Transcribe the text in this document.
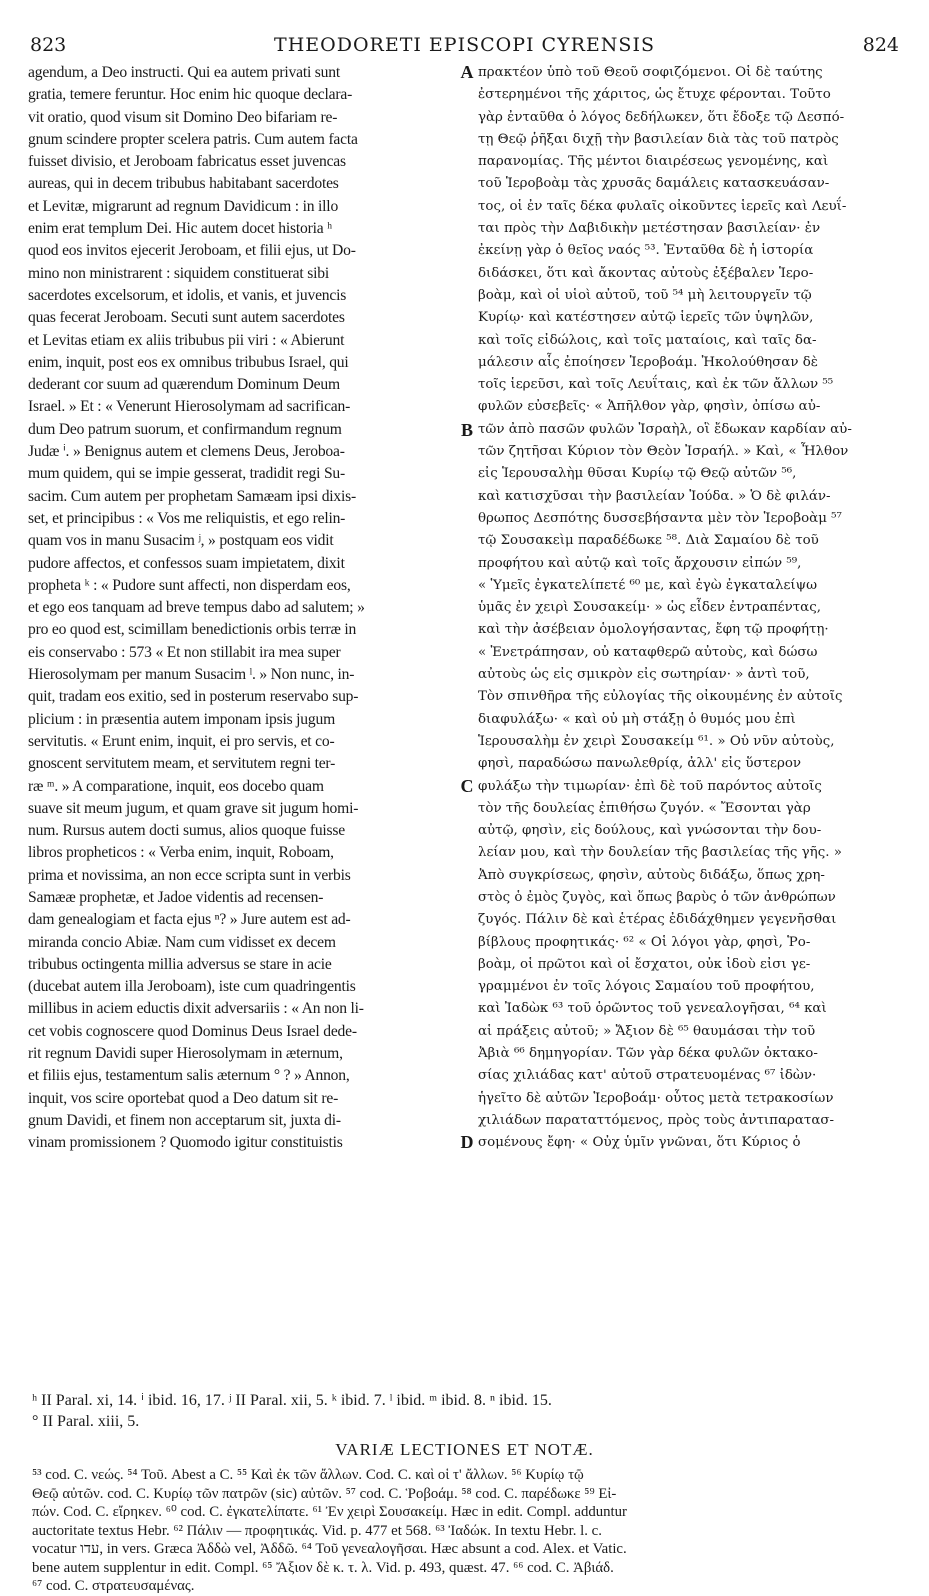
823	THEODORETI EPISCOPI CYRENSIS	824
agendum, a Deo instructi. Qui ea autem privati sunt
gratia, temere feruntur. Hoc enim hic quoque declara-
vit oratio, quod visum sit Domino Deo bifariam re-
gnum scindere propter scelera patris. Cum autem facta
fuisset divisio, et Jeroboam fabricatus esset juvencas
aureas, qui in decem tribubus habitabant sacerdotes
et Levitæ, migrarunt ad regnum Davidicum : in illo
enim erat templum Dei. Hic autem docet historia ʰ
quod eos invitos ejecerit Jeroboam, et filii ejus, ut Do-
mino non ministrarent : siquidem constituerat sibi
sacerdotes excelsorum, et idolis, et vanis, et juvencis
quas fecerat Jeroboam. Secuti sunt autem sacerdotes
et Levitas etiam ex aliis tribubus pii viri : « Abierunt
enim, inquit, post eos ex omnibus tribubus Israel, qui
dederant cor suum ad quærendum Dominum Deum
Israel. » Et : « Venerunt Hierosolymam ad sacrifican-
dum Deo patrum suorum, et confirmandum regnum
Judæ ⁱ. » Benignus autem et clemens Deus, Jeroboa-
mum quidem, qui se impie gesserat, tradidit regi Su-
sacim. Cum autem per prophetam Samæam ipsi dixis-
set, et principibus : « Vos me reliquistis, et ego relin-
quam vos in manu Susacim ʲ, » postquam eos vidit
pudore affectos, et confessos suam impietatem, dixit
propheta ᵏ : « Pudore sunt affecti, non disperdam eos,
et ego eos tanquam ad breve tempus dabo ad salutem; »
pro eo quod est, scimillam benedictionis orbis terræ in
eis conservabo : 573 « Et non stillabit ira mea super
Hierosolymam per manum Susacim ˡ. » Non nunc, in-
quit, tradam eos exitio, sed in posterum reservabo sup-
plicium : in præsentia autem imponam ipsis jugum
servitutis. « Erunt enim, inquit, ei pro servis, et co-
gnoscent servitutem meam, et servitutem regni ter-
ræ ᵐ. » A comparatione, inquit, eos docebo quam
suave sit meum jugum, et quam grave sit jugum homi-
num. Rursus autem docti sumus, alios quoque fuisse
libros propheticos : « Verba enim, inquit, Roboam,
prima et novissima, an non ecce scripta sunt in verbis
Samææ prophetæ, et Jadoe videntis ad recensen-
dam genealogiam et facta ejus ⁿ? » Jure autem est ad-
miranda concio Abiæ. Nam cum vidisset ex decem
tribubus octingenta millia adversus se stare in acie
(ducebat autem illa Jeroboam), iste cum quadringentis
millibus in aciem eductis dixit adversariis : « An non li-
cet vobis cognoscere quod Dominus Deus Israel dede-
rit regnum Davidi super Hierosolymam in æternum,
et filiis ejus, testamentum salis æternum ° ? » Annon,
inquit, vos scire oportebat quod a Deo datum sit re-
gnum Davidi, et finem non acceptarum sit, juxta di-
vinam promissionem ? Quomodo igitur constituistis
πρακτέον ὑπὸ τοῦ Θεοῦ σοφιζόμενοι. Οἱ δὲ ταύτης
ἐστερημένοι τῆς χάριτος, ὡς ἔτυχε φέρονται. Τοῦτο
γὰρ ἐνταῦθα ὁ λόγος δεδήλωκεν, ὅτι ἔδοξε τῷ Δεσπό-
τῃ Θεῷ ῥῆξαι διχῇ τὴν βασιλείαν διὰ τὰς τοῦ πατρὸς
παρανομίας. Τῆς μέντοι διαιρέσεως γενομένης, καὶ
τοῦ Ἱεροβοὰμ τὰς χρυσᾶς δαμάλεις κατασκευάσαν-
τος, οἱ ἐν ταῖς δέκα φυλαῖς οἰκοῦντες ἱερεῖς καὶ Λευΐ-
ται πρὸς τὴν Δαβιδικὴν μετέστησαν βασιλείαν· ἐν
ἐκείνῃ γὰρ ὁ θεῖος ναός ⁵³. Ἐνταῦθα δὲ ἡ ἱστορία
διδάσκει, ὅτι καὶ ἄκοντας αὐτοὺς ἐξέβαλεν Ἱερο-
βοὰμ, καὶ οἱ υἱοὶ αὐτοῦ, τοῦ ⁵⁴ μὴ λειτουργεῖν τῷ
Κυρίῳ· καὶ κατέστησεν αὐτῷ ἱερεῖς τῶν ὑψηλῶν,
καὶ τοῖς εἰδώλοις, καὶ τοῖς ματαίοις, καὶ ταῖς δα-
μάλεσιν αἷς ἐποίησεν Ἱεροβοάμ. Ἠκολούθησαν δὲ
τοῖς ἱερεῦσι, καὶ τοῖς Λευΐταις, καὶ ἐκ τῶν ἄλλων ⁵⁵
φυλῶν εὐσεβεῖς· « Ἀπῆλθον γὰρ, φησὶν, ὀπίσω αὐ-
τῶν ἀπὸ πασῶν φυλῶν Ἰσραὴλ, οἳ ἔδωκαν καρδίαν αὐ-
τῶν ζητῆσαι Κύριον τὸν Θεὸν Ἰσραήλ. » Καὶ, « Ἦλθον
εἰς Ἱερουσαλὴμ θῦσαι Κυρίῳ τῷ Θεῷ αὐτῶν ⁵⁶,
καὶ κατισχῦσαι τὴν βασιλείαν Ἰούδα. » Ὁ δὲ φιλάν-
θρωπος Δεσπότης δυσσεβήσαντα μὲν τὸν Ἱεροβοὰμ ⁵⁷
τῷ Σουσακεὶμ παραδέδωκε ⁵⁸. Διὰ Σαμαίου δὲ τοῦ
προφήτου καὶ αὐτῷ καὶ τοῖς ἄρχουσιν εἰπών ⁵⁹,
« Ὑμεῖς ἐγκατελίπετέ ⁶⁰ με, καὶ ἐγὼ ἐγκαταλείψω
ὑμᾶς ἐν χειρὶ Σουσακείμ· » ὡς εἶδεν ἐντραπέντας,
καὶ τὴν ἀσέβειαν ὁμολογήσαντας, ἔφη τῷ προφήτῃ·
« Ἐνετράπησαν, οὐ καταφθερῶ αὐτοὺς, καὶ δώσω
αὐτοὺς ὡς εἰς σμικρὸν εἰς σωτηρίαν· » ἀντὶ τοῦ,
Τὸν σπινθῆρα τῆς εὐλογίας τῆς οἰκουμένης ἐν αὐτοῖς
διαφυλάξω· « καὶ οὐ μὴ στάξῃ ὁ θυμός μου ἐπὶ
Ἱερουσαλὴμ ἐν χειρὶ Σουσακείμ ⁶¹. » Οὐ νῦν αὐτοὺς,
φησὶ, παραδώσω πανωλεθρίᾳ, ἀλλ' εἰς ὕστερον
φυλάξω τὴν τιμωρίαν· ἐπὶ δὲ τοῦ παρόντος αὐτοῖς
τὸν τῆς δουλείας ἐπιθήσω ζυγόν. « Ἔσονται γὰρ
αὐτῷ, φησὶν, εἰς δούλους, καὶ γνώσονται τὴν δου-
λείαν μου, καὶ τὴν δουλείαν τῆς βασιλείας τῆς γῆς. »
Ἀπὸ συγκρίσεως, φησὶν, αὐτοὺς διδάξω, ὅπως χρη-
στὸς ὁ ἐμὸς ζυγὸς, καὶ ὅπως βαρὺς ὁ τῶν ἀνθρώπων
ζυγός. Πάλιν δὲ καὶ ἑτέρας ἐδιδάχθημεν γεγενῆσθαι
βίβλους προφητικάς· ⁶² « Οἱ λόγοι γὰρ, φησὶ, Ῥο-
βοὰμ, οἱ πρῶτοι καὶ οἱ ἔσχατοι, οὐκ ἰδοὺ εἰσι γε-
γραμμένοι ἐν τοῖς λόγοις Σαμαίου τοῦ προφήτου,
καὶ Ἰαδὼκ ⁶³ τοῦ ὁρῶντος τοῦ γενεαλογῆσαι, ⁶⁴ καὶ
αἱ πράξεις αὐτοῦ; » Ἄξιον δὲ ⁶⁵ θαυμάσαι τὴν τοῦ
Ἀβιὰ ⁶⁶ δημηγορίαν. Τῶν γὰρ δέκα φυλῶν ὀκτακο-
σίας χιλιάδας κατ' αὐτοῦ στρατευομένας ⁶⁷ ἰδὼν·
ἡγεῖτο δὲ αὐτῶν Ἱεροβοάμ· οὗτος μετὰ τετρακοσίων
χιλιάδων παραταττόμενος, πρὸς τοὺς ἀντιπαρατασ-
σομένους ἔφη· « Οὐχ ὑμῖν γνῶναι, ὅτι Κύριος ὁ
A
B
C
D
ʰ II Paral. xi, 14. ⁱ ibid. 16, 17. ʲ II Paral. xii, 5. ᵏ ibid. 7. ˡ ibid. ᵐ ibid. 8. ⁿ ibid. 15.
° II Paral. xiii, 5.
VARIÆ LECTIONES ET NOTÆ.
⁵³ cod. C. νεώς. ⁵⁴ Τοῦ. Abest a C. ⁵⁵ Καὶ ἐκ τῶν ἄλλων. Cod. C. καὶ οἱ τ' ἄλλων. ⁵⁶ Κυρίῳ τῷ
Θεῷ αὐτῶν. cod. C. Κυρίῳ τῶν πατρῶν (sic) αὐτῶν. ⁵⁷ cod. C. Ῥοβοάμ. ⁵⁸ cod. C. παρέδωκε ⁵⁹ Εἰ-
πών. Cod. C. εἴρηκεν. ⁶⁰ cod. C. ἐγκατελίπατε. ⁶¹ Ἐν χειρὶ Σουσακείμ. Hæc in edit. Compl. adduntur
auctoritate textus Hebr. ⁶² Πάλιν — προφητικάς. Vid. p. 477 et 568. ⁶³ Ἰαδώκ. In textu Hebr. l. c.
vocatur עדו, in vers. Græca Ἀδδὼ vel, Ἀδδῶ. ⁶⁴ Τοῦ γενεαλογῆσαι. Hæc absunt a cod. Alex. et Vatic.
bene autem supplentur in edit. Compl. ⁶⁵ Ἄξιον δὲ κ. τ. λ. Vid. p. 493, quæst. 47. ⁶⁶ cod. C. Ἀβιάδ.
⁶⁷ cod. C. στρατευσαμένας.
